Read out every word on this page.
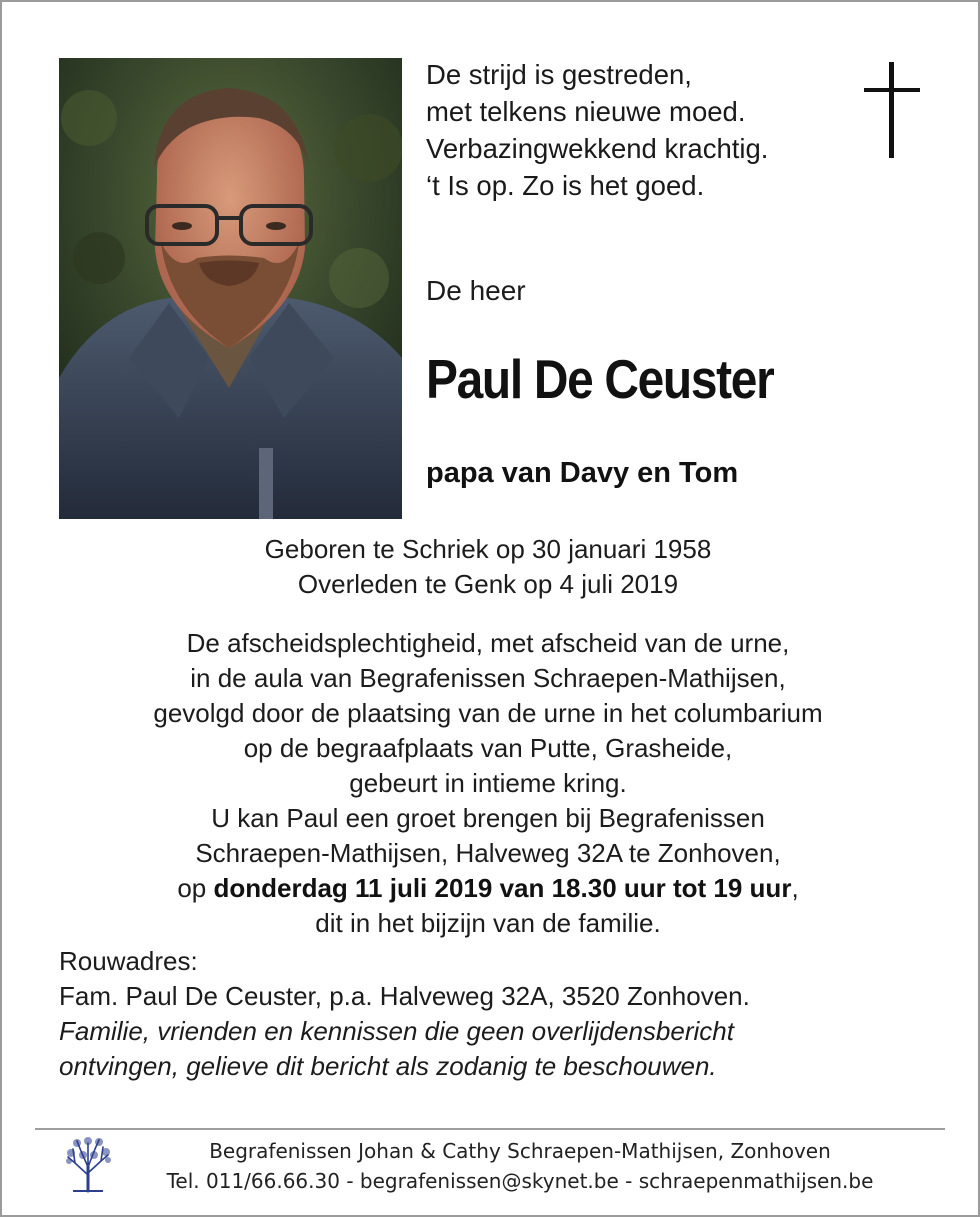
De strijd is gestreden,
met telkens nieuwe moed.
Verbazingwekkend krachtig.
‘t Is op. Zo is het goed.
De heer
Paul De Ceuster
papa van Davy en Tom
Geboren te Schriek op 30 januari 1958
Overleden te Genk op 4 juli 2019
De afscheidsplechtigheid, met afscheid van de urne,
in de aula van Begrafenissen Schraepen-Mathijsen,
gevolgd door de plaatsing van de urne in het columbarium
op de begraafplaats van Putte, Grasheide,
gebeurt in intieme kring.
U kan Paul een groet brengen bij Begrafenissen
Schraepen-Mathijsen, Halveweg 32A te Zonhoven,
op donderdag 11 juli 2019 van 18.30 uur tot 19 uur,
dit in het bijzijn van de familie.
Rouwadres:
Fam. Paul De Ceuster, p.a. Halveweg 32A, 3520 Zonhoven.
Familie, vrienden en kennissen die geen overlijdensbericht
ontvingen, gelieve dit bericht als zodanig te beschouwen.
Begrafenissen Johan & Cathy Schraepen-Mathijsen, Zonhoven
Tel. 011/66.66.30 - begrafenissen@skynet.be - schraepenmathijsen.be
